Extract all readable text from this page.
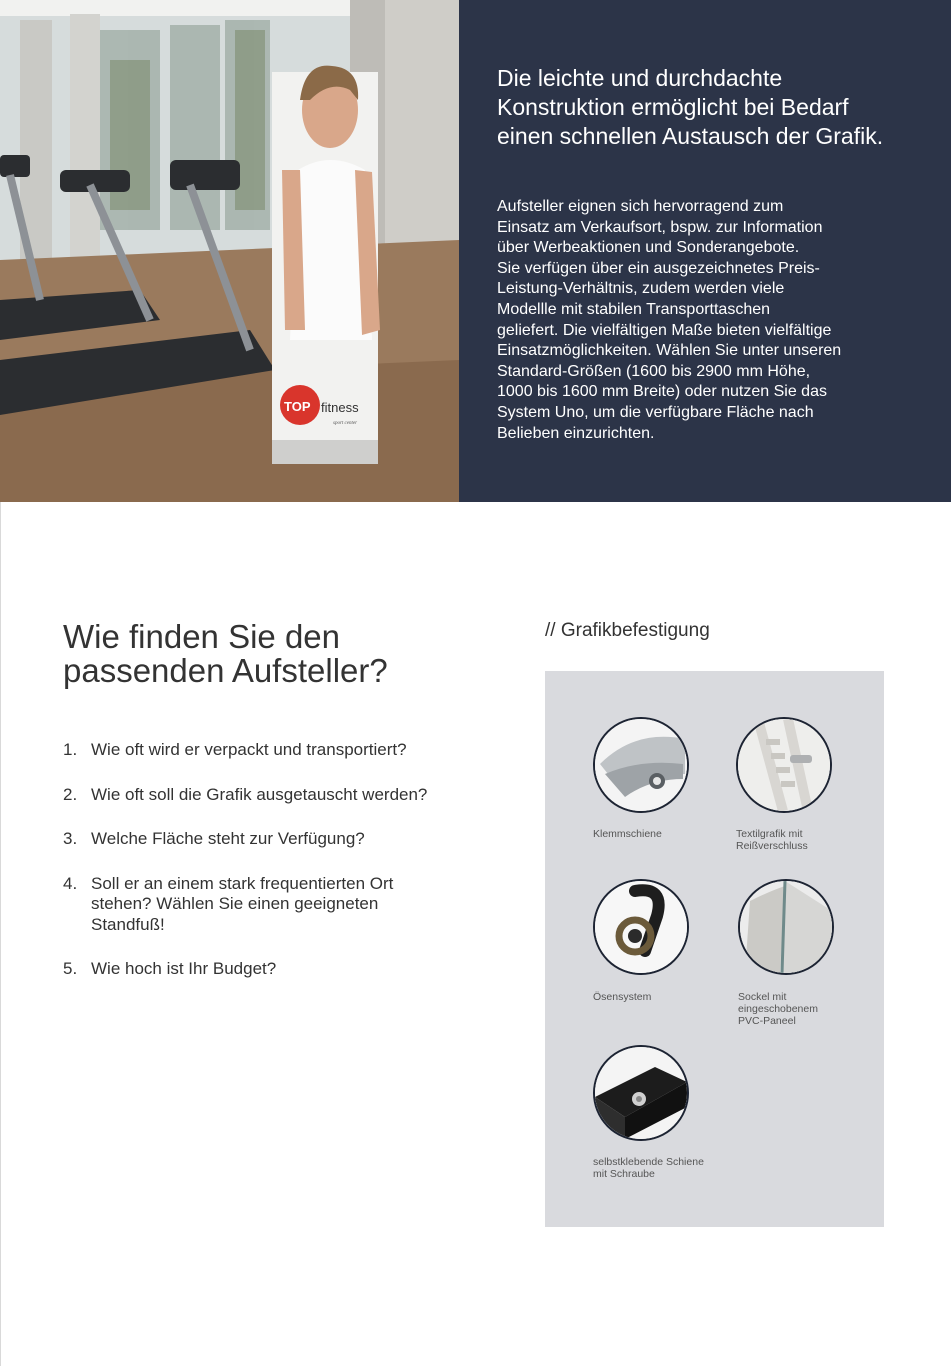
TOP fitness
sport center
Die leichte und durchdachte Konstruktion ermöglicht bei Bedarf einen schnellen Austausch der Grafik.
Aufsteller eignen sich hervorragend zum
Einsatz am Verkaufsort, bspw. zur Information
über Werbeaktionen und Sonderangebote.
Sie verfügen über ein ausgezeichnetes Preis-
Leistung-Verhältnis, zudem werden viele
Modellle mit stabilen Transporttaschen
geliefert. Die vielfältigen Maße bieten vielfältige
Einsatzmöglichkeiten. Wählen Sie unter unseren
Standard-Größen (1600 bis 2900 mm Höhe,
1000 bis 1600 mm Breite) oder nutzen Sie das
System Uno, um die verfügbare Fläche nach
Belieben einzurichten.
Wie finden Sie den passenden Aufsteller?
1. Wie oft wird er verpackt und transportiert?
2. Wie oft soll die Grafik ausgetauscht werden?
3. Welche Fläche steht zur Verfügung?
4. Soll er an einem stark frequentierten Ort stehen? Wählen Sie einen geeigneten Standfuß!
5. Wie hoch ist Ihr Budget?
// Grafikbefestigung
Klemmschiene	Textilgrafik mit
Reißverschluss
Ösensystem	Sockel mit
eingeschobenem
PVC-Paneel
selbstklebende Schiene
mit Schraube
